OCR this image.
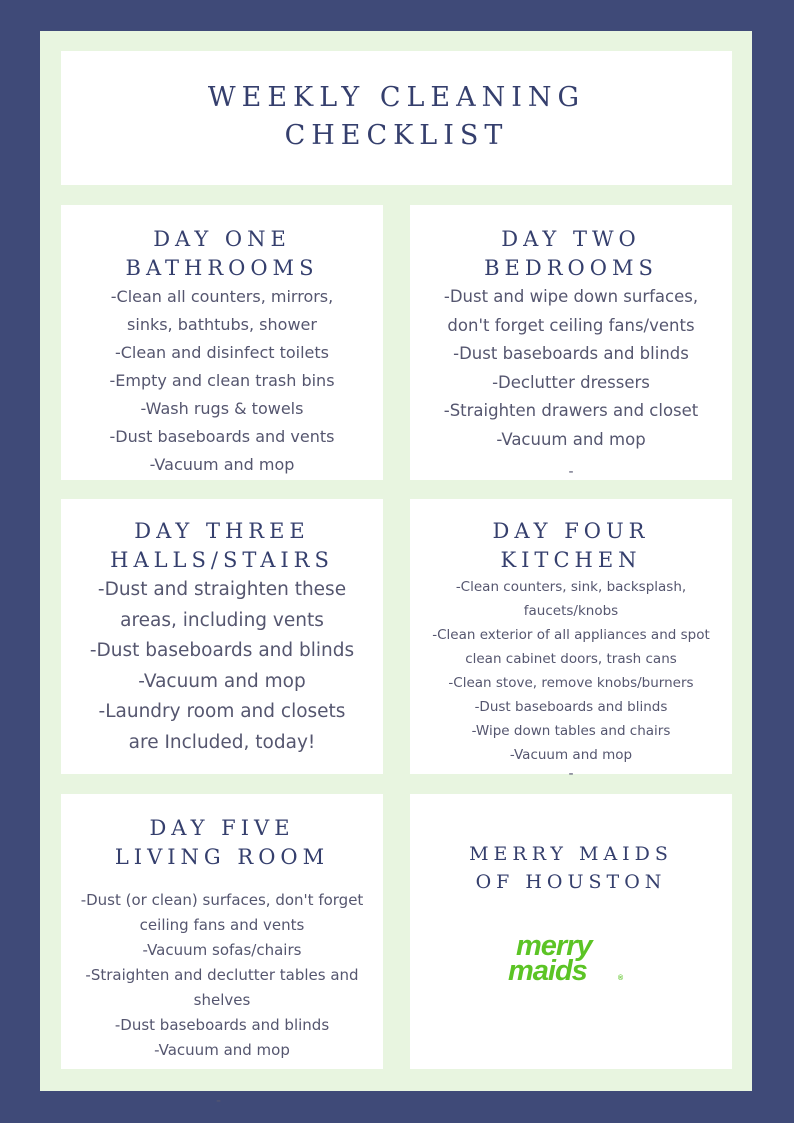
WEEKLY CLEANING
CHECKLIST
DAY ONE
BATHROOMS
-Clean all counters, mirrors, sinks, bathtubs, shower
-Clean and disinfect toilets
-Empty and clean trash bins
-Wash rugs & towels
-Dust baseboards and vents
-Vacuum and mop
DAY TWO
BEDROOMS
-Dust and wipe down surfaces, don't forget ceiling fans/vents
-Dust baseboards and blinds
-Declutter dressers
-Straighten drawers and closet
-Vacuum and mop
-
DAY THREE
HALLS/STAIRS
-Dust and straighten these areas, including vents
-Dust baseboards and blinds
-Vacuum and mop
-Laundry room and closets are Included, today!
DAY FOUR
KITCHEN
-Clean counters, sink, backsplash, faucets/knobs
-Clean exterior of all appliances and spot clean cabinet doors, trash cans
-Clean stove, remove knobs/burners
-Dust baseboards and blinds
-Wipe down tables and chairs
-Vacuum and mop
-
DAY FIVE
LIVING ROOM
-Dust (or clean) surfaces, don't forget ceiling fans and vents
-Vacuum sofas/chairs
-Straighten and declutter tables and shelves
-Dust baseboards and blinds
-Vacuum and mop
-
MERRY MAIDS
OF HOUSTON
merry
maids	®
